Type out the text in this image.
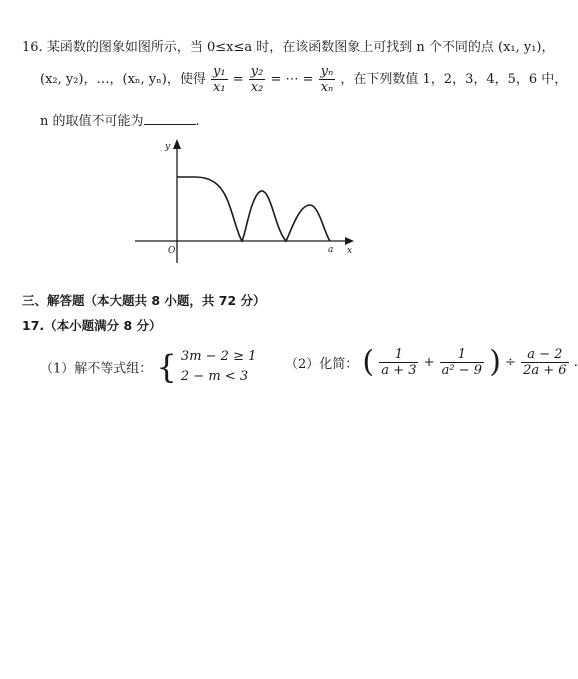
16. 某函数的图象如图所示，当 0≤x≤a 时，在该函数图象上可找到 n 个不同的点 (x₁, y₁)，
(x₂, y₂)，…，(xₙ, yₙ)，使得 $\frac{\text{y₁}}{\text{x₁}} = \frac{\text{y₂}}{\text{x₂}}$ = ⋯ = $\frac{\text{yₙ}}{\text{xₙ}}$ ，在下列数值 1，2，3，4，5，6 中，
n 的取值不可能为	.
y
O	a x
三、解答题（本大题共 8 小题，共 72 分）
17.（本小题满分 8 分）
（1）解不等式组： { 3m − 2 ≥ 1
2 − m < 3
（2）化简： ( $\frac{1}{a + 3} + \frac{1}{\text{a² − 9}}$ ) ÷ $\frac{a - 2}{2a + 6}$ .
